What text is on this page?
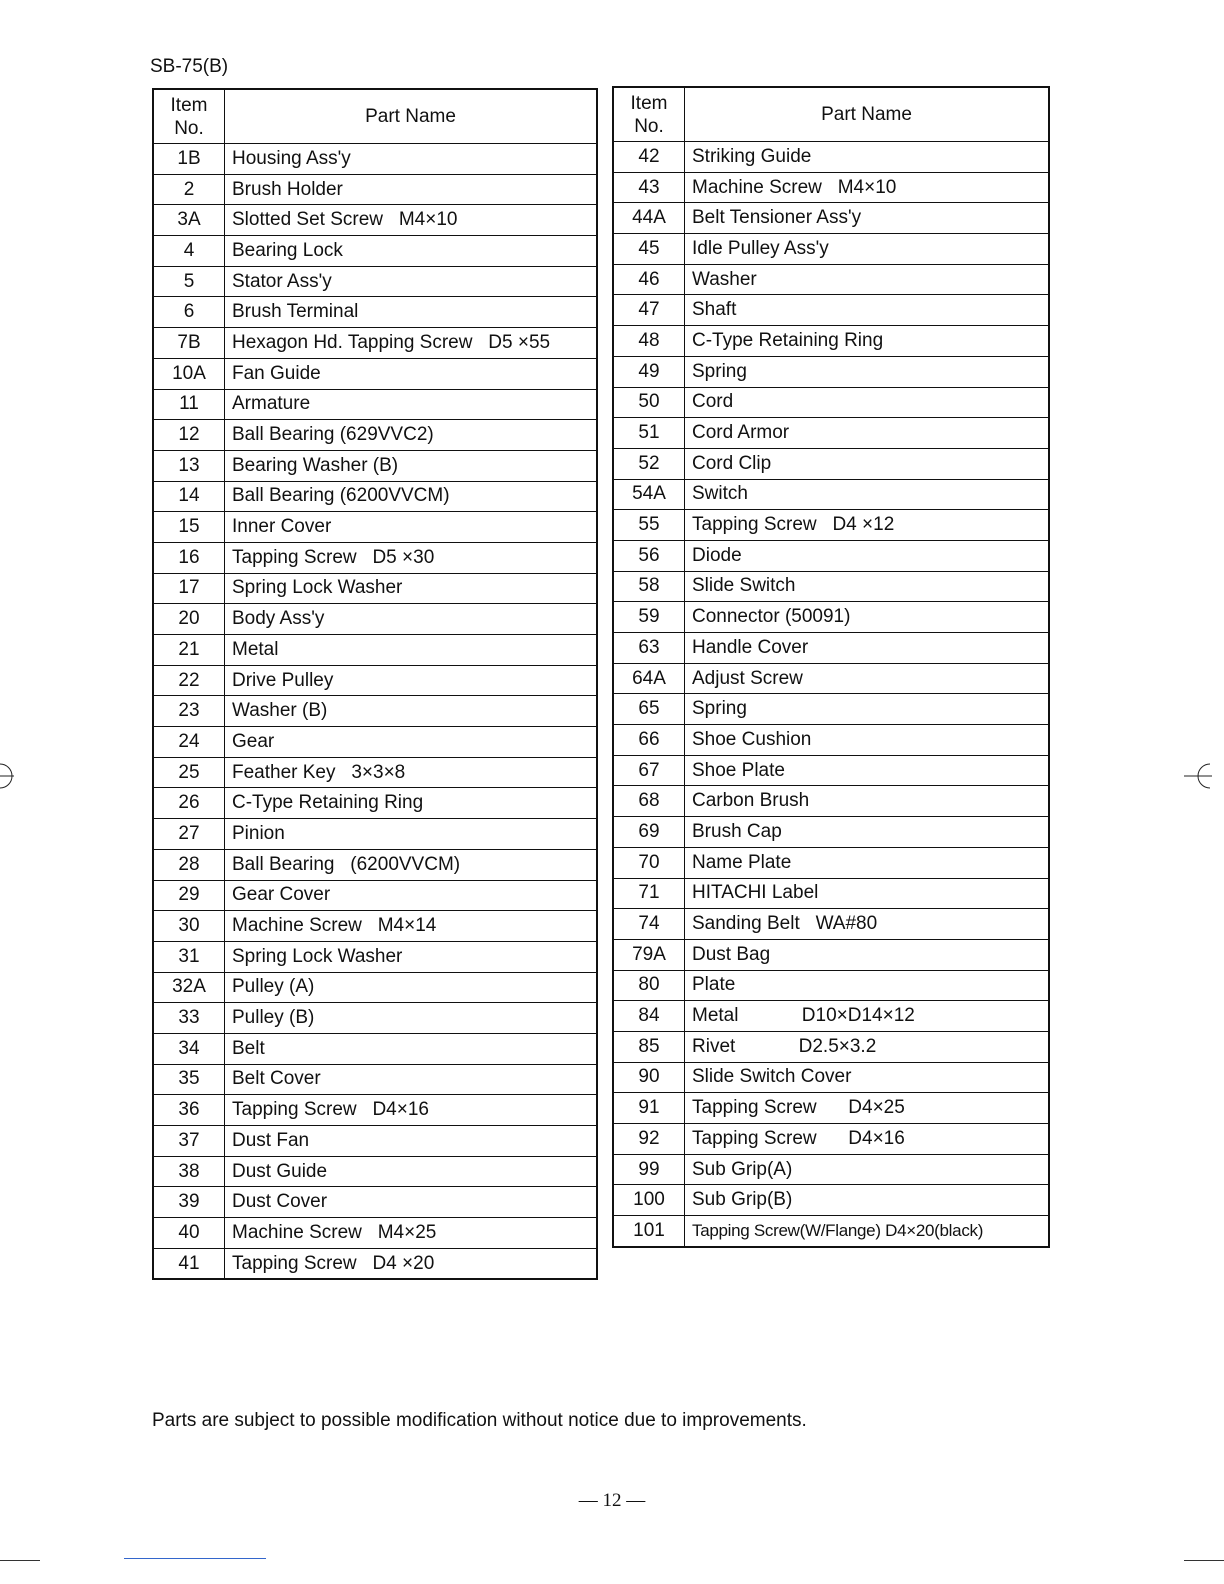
SB-75(B)
Item
No.	Part Name
1B	Housing Ass'y
2	Brush Holder
3A	Slotted Set Screw   M4×10
4	Bearing Lock
5	Stator Ass'y
6	Brush Terminal
7B	Hexagon Hd. Tapping Screw   D5 ×55
10A	Fan Guide
11	Armature
12	Ball Bearing (629VVC2)
13	Bearing Washer (B)
14	Ball Bearing (6200VVCM)
15	Inner Cover
16	Tapping Screw   D5 ×30
17	Spring Lock Washer
20	Body Ass'y
21	Metal
22	Drive Pulley
23	Washer (B)
24	Gear
25	Feather Key   3×3×8
26	C-Type Retaining Ring
27	Pinion
28	Ball Bearing   (6200VVCM)
29	Gear Cover
30	Machine Screw   M4×14
31	Spring Lock Washer
32A	Pulley (A)
33	Pulley (B)
34	Belt
35	Belt Cover
36	Tapping Screw   D4×16
37	Dust Fan
38	Dust Guide
39	Dust Cover
40	Machine Screw   M4×25
41	Tapping Screw   D4 ×20
Item
No.	Part Name
42	Striking Guide
43	Machine Screw   M4×10
44A	Belt Tensioner Ass'y
45	Idle Pulley Ass'y
46	Washer
47	Shaft
48	C-Type Retaining Ring
49	Spring
50	Cord
51	Cord Armor
52	Cord Clip
54A	Switch
55	Tapping Screw   D4 ×12
56	Diode
58	Slide Switch
59	Connector (50091)
63	Handle Cover
64A	Adjust Screw
65	Spring
66	Shoe Cushion
67	Shoe Plate
68	Carbon Brush
69	Brush Cap
70	Name Plate
71	HITACHI Label
74	Sanding Belt   WA#80
79A	Dust Bag
80	Plate
84	Metal            D10×D14×12
85	Rivet            D2.5×3.2
90	Slide Switch Cover
91	Tapping Screw      D4×25
92	Tapping Screw      D4×16
99	Sub Grip(A)
100	Sub Grip(B)
101	Tapping Screw(W/Flange) D4×20(black)
Parts are subject to possible modification without notice due to improvements.
— 12 —
